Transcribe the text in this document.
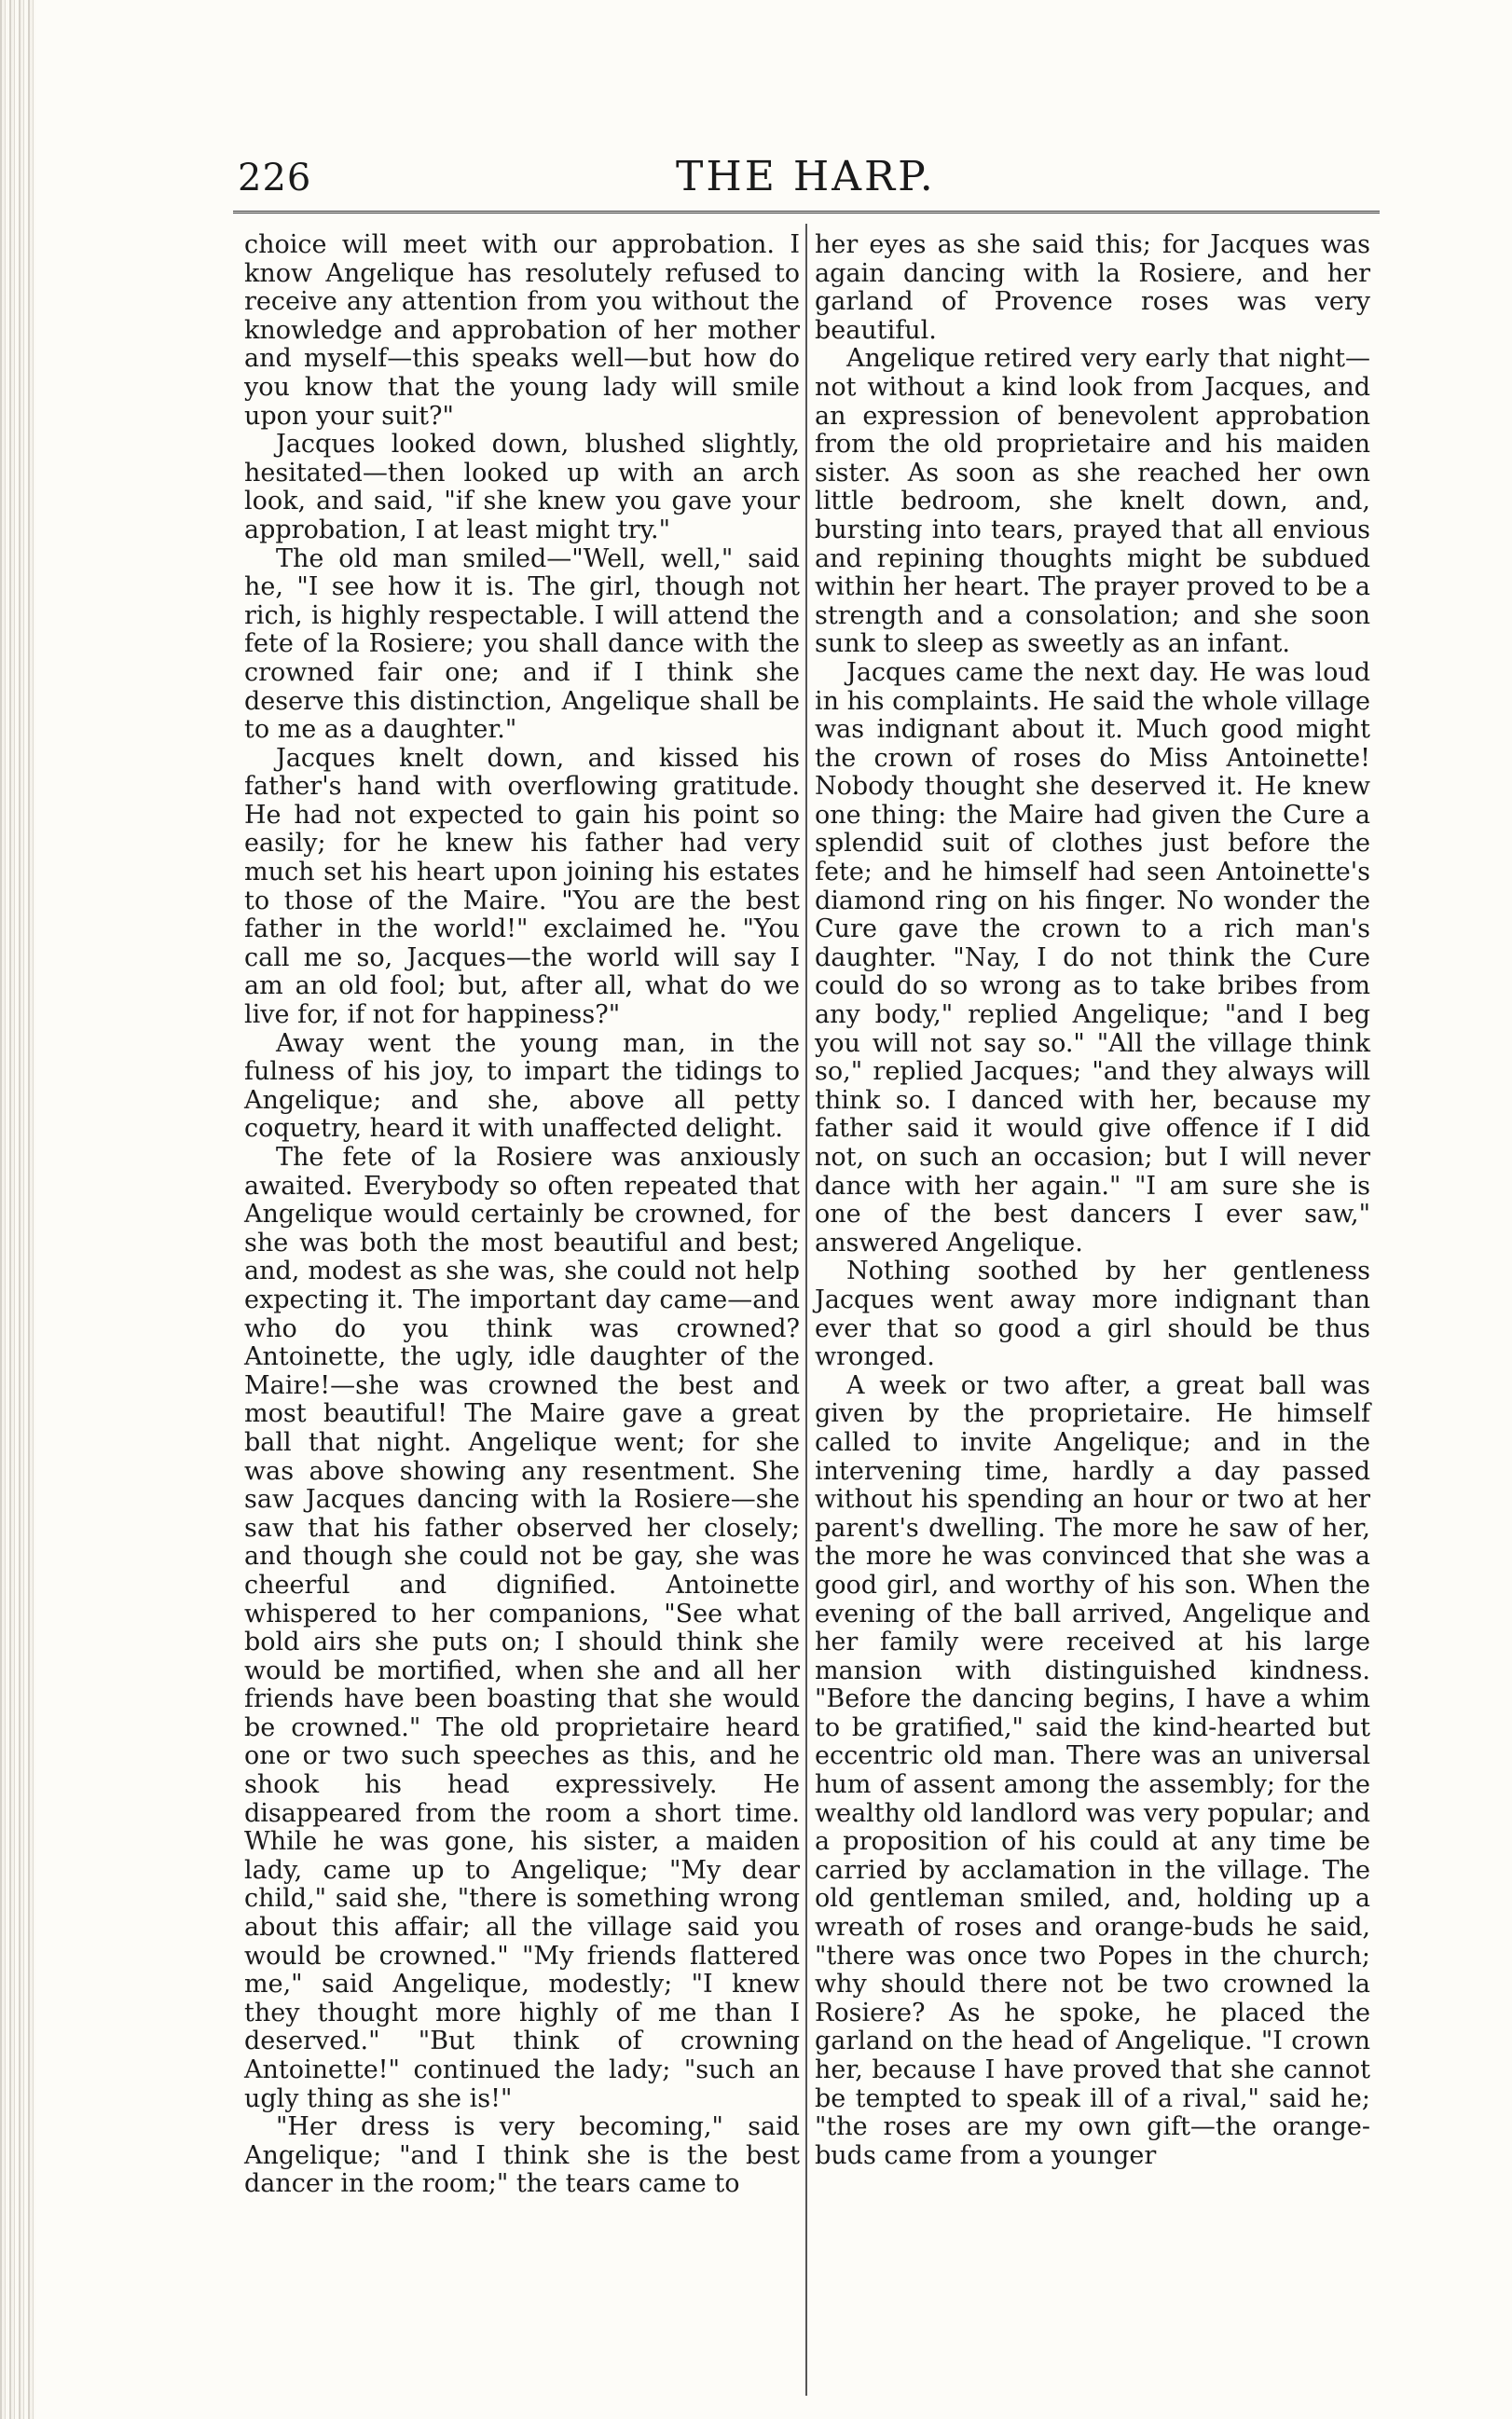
226	THE HARP.

choice will meet with our approbation. I know Angelique has resolutely refused to receive any attention from you without the knowledge and approbation of her mother and myself—this speaks well—but how do you know that the young lady will smile upon your suit?"

Jacques looked down, blushed slightly, hesitated—then looked up with an arch look, and said, "if she knew you gave your approbation, I at least might try."

The old man smiled—"Well, well," said he, "I see how it is. The girl, though not rich, is highly respectable. I will attend the fete of la Rosiere; you shall dance with the crowned fair one; and if I think she deserve this distinction, Angelique shall be to me as a daughter."

Jacques knelt down, and kissed his father's hand with overflowing gratitude. He had not expected to gain his point so easily; for he knew his father had very much set his heart upon joining his estates to those of the Maire. "You are the best father in the world!" exclaimed he. "You call me so, Jacques—the world will say I am an old fool; but, after all, what do we live for, if not for happiness?"

Away went the young man, in the fulness of his joy, to impart the tidings to Angelique; and she, above all petty coquetry, heard it with unaffected delight.

The fete of la Rosiere was anxiously awaited. Everybody so often repeated that Angelique would certainly be crowned, for she was both the most beautiful and best; and, modest as she was, she could not help expecting it. The important day came—and who do you think was crowned? Antoinette, the ugly, idle daughter of the Maire!—she was crowned the best and most beautiful! The Maire gave a great ball that night. Angelique went; for she was above showing any resentment. She saw Jacques dancing with la Rosiere—she saw that his father observed her closely; and though she could not be gay, she was cheerful and dignified. Antoinette whispered to her companions, "See what bold airs she puts on; I should think she would be mortified, when she and all her friends have been boasting that she would be crowned." The old proprietaire heard one or two such speeches as this, and he shook his head expressively. He disappeared from the room a short time. While he was gone, his sister, a maiden lady, came up to Angelique; "My dear child," said she, "there is something wrong about this affair; all the village said you would be crowned." "My friends flattered me," said Angelique, modestly; "I knew they thought more highly of me than I deserved." "But think of crowning Antoinette!" continued the lady; "such an ugly thing as she is!"

"Her dress is very becoming," said Angelique; "and I think she is the best dancer in the room;" the tears came to

her eyes as she said this; for Jacques was again dancing with la Rosiere, and her garland of Provence roses was very beautiful.

Angelique retired very early that night—not without a kind look from Jacques, and an expression of benevolent approbation from the old proprietaire and his maiden sister. As soon as she reached her own little bedroom, she knelt down, and, bursting into tears, prayed that all envious and repining thoughts might be subdued within her heart. The prayer proved to be a strength and a consolation; and she soon sunk to sleep as sweetly as an infant.

Jacques came the next day. He was loud in his complaints. He said the whole village was indignant about it. Much good might the crown of roses do Miss Antoinette! Nobody thought she deserved it. He knew one thing: the Maire had given the Cure a splendid suit of clothes just before the fete; and he himself had seen Antoinette's diamond ring on his finger. No wonder the Cure gave the crown to a rich man's daughter. "Nay, I do not think the Cure could do so wrong as to take bribes from any body," replied Angelique; "and I beg you will not say so." "All the village think so," replied Jacques; "and they always will think so. I danced with her, because my father said it would give offence if I did not, on such an occasion; but I will never dance with her again." "I am sure she is one of the best dancers I ever saw," answered Angelique.

Nothing soothed by her gentleness Jacques went away more indignant than ever that so good a girl should be thus wronged.

A week or two after, a great ball was given by the proprietaire. He himself called to invite Angelique; and in the intervening time, hardly a day passed without his spending an hour or two at her parent's dwelling. The more he saw of her, the more he was convinced that she was a good girl, and worthy of his son. When the evening of the ball arrived, Angelique and her family were received at his large mansion with distinguished kindness. "Before the dancing begins, I have a whim to be gratified," said the kind-hearted but eccentric old man. There was an universal hum of assent among the assembly; for the wealthy old landlord was very popular; and a proposition of his could at any time be carried by acclamation in the village. The old gentleman smiled, and, holding up a wreath of roses and orange-buds he said, "there was once two Popes in the church; why should there not be two crowned la Rosiere? As he spoke, he placed the garland on the head of Angelique. "I crown her, because I have proved that she cannot be tempted to speak ill of a rival," said he; "the roses are my own gift—the orange-buds came from a younger
